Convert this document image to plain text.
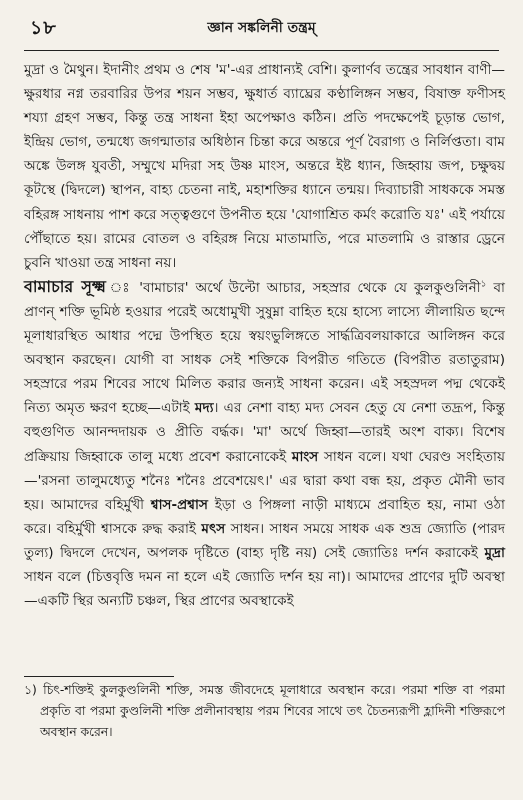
১৮	জ্ঞান সঙ্কলিনী তন্ত্রম্

মুদ্রা ও মৈথুন। ইদানীং প্রথম ও শেষ 'ম'-এর প্রাধান্যই বেশি। কুলার্ণব তন্ত্রের সাবধান বাণী—ক্ষুরধার নগ্ন তরবারির উপর শয়ন সম্ভব, ক্ষুধার্ত ব্যাঘ্রের কণ্ঠালিঙ্গন সম্ভব, বিষাক্ত ফণীসহ শয্যা গ্রহণ সম্ভব, কিন্তু তন্ত্র সাধনা ইহা অপেক্ষাও কঠিন। প্রতি পদক্ষেপেই চূড়ান্ত ভোগ, ইন্দ্রিয় ভোগ, তন্মধ্যে জগন্মাতার অধিষ্ঠান চিন্তা করে অন্তরে পূর্ণ বৈরাগ্য ও নির্লিপ্ততা। বাম অঙ্কে উলঙ্গ যুবতী, সম্মুখে মদিরা সহ উষ্ণ মাংস, অন্তরে ইষ্ট ধ্যান, জিহ্বায় জপ, চক্ষুদ্বয় কূটস্থে (দ্বিদলে) স্থাপন, বাহ্য চেতনা নাই, মহাশক্তির ধ্যানে তন্ময়। দিব্যাচারী সাধককে সমস্ত বহিরঙ্গ সাধনায় পাশ করে সত্ত্বগুণে উপনীত হয়ে 'যোগাশ্রিত কর্মং করোতি যঃ' এই পর্যায়ে পৌঁছাতে হয়। রামের বোতল ও বহিরঙ্গ নিয়ে মাতামাতি, পরে মাতলামি ও রাস্তার ড্রেনে চুবনি খাওয়া তন্ত্র সাধনা নয়।

বামাচার সূক্ষ্ম ঃ 'বামাচার' অর্থে উল্টো আচার, সহস্রার থেকে যে কুলকুণ্ডলিনী$^১$ বা প্রাণন্ শক্তি ভূমিষ্ঠ হওয়ার পরেই অধোমুখী সুষুম্না বাহিত হয়ে হাস্যে লাস্যে লীলায়িত ছন্দে মূলাধারস্থিত আধার পদ্মে উপস্থিত হয়ে স্বয়ংভুলিঙ্গতে সার্দ্ধত্রিবলয়াকারে আলিঙ্গন করে অবস্থান করছেন। যোগী বা সাধক সেই শক্তিকে বিপরীত গতিতে (বিপরীত রতাতুরাম) সহস্রারে পরম শিবের সাথে মিলিত করার জন্যই সাধনা করেন। এই সহস্রদল পদ্ম থেকেই নিত্য অমৃত ক্ষরণ হচ্ছে—এটাই মদ্য। এর নেশা বাহ্য মদ্য সেবন হেতু যে নেশা তদ্রূপ, কিন্তু বহুগুণিত আনন্দদায়ক ও প্রীতি বর্দ্ধক। 'মা' অর্থে জিহ্বা—তারই অংশ বাক্য। বিশেষ প্রক্রিয়ায় জিহ্বাকে তালু মধ্যে প্রবেশ করানোকেই মাংস সাধন বলে। যথা ঘেরণ্ড সংহিতায়—'রসনা তালুমধ্যেতু শনৈঃ শনৈঃ প্রবেশয়েৎ।' এর দ্বারা কথা বন্ধ হয়, প্রকৃত মৌনী ভাব হয়। আমাদের বহির্মুখী শ্বাস-প্রশ্বাস ইড়া ও পিঙ্গলা নাড়ী মাধ্যমে প্রবাহিত হয়, নামা ওঠা করে। বহির্মুখী শ্বাসকে রুদ্ধ করাই মৎস সাধন। সাধন সময়ে সাধক এক শুভ্র জ্যোতি (পারদ তুল্য) দ্বিদলে দেখেন, অপলক দৃষ্টিতে (বাহ্য দৃষ্টি নয়) সেই জ্যোতিঃ দর্শন করাকেই মুদ্রা সাধন বলে (চিত্তবৃত্তি দমন না হলে এই জ্যোতি দর্শন হয় না)। আমাদের প্রাণের দুটি অবস্থা—একটি স্থির অন্যটি চঞ্চল, স্থির প্রাণের অবস্থাকেই

১) চিৎ-শক্তিই কুলকুণ্ডলিনী শক্তি, সমস্ত জীবদেহে মূলাধারে অবস্থান করে। পরমা শক্তি বা পরমা প্রকৃতি বা পরমা কুণ্ডলিনী শক্তি প্রলীনাবস্থায় পরম শিবের সাথে তৎ চৈতন্যরূপী হ্লাদিনী শক্তিরূপে অবস্থান করেন।
